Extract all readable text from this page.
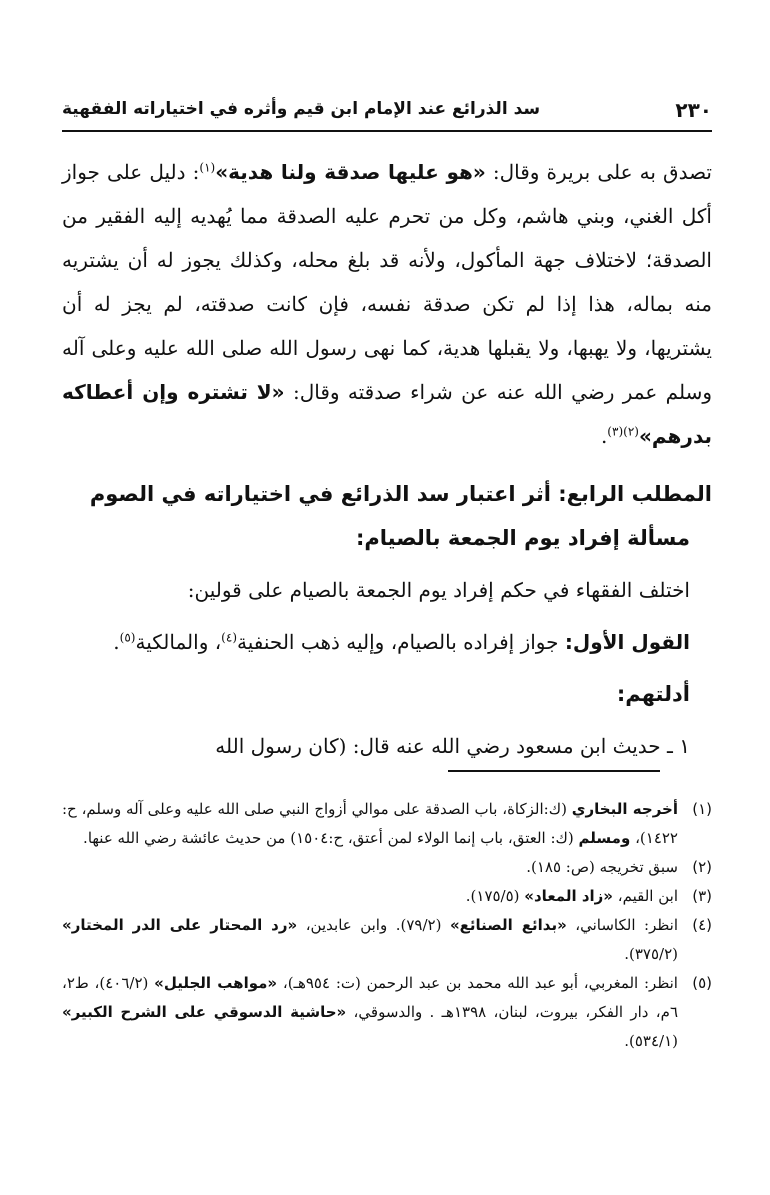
٢٣٠
سد الذرائع عند الإمام ابن قيم وأثره في اختياراته الفقهية

تصدق به على بريرة وقال: «هو عليها صدقة ولنا هدية»$^{(١)}$: دليل على جواز أكل الغني، وبني هاشم، وكل من تحرم عليه الصدقة مما يُهديه إليه الفقير من الصدقة؛ لاختلاف جهة المأكول، ولأنه قد بلغ محله، وكذلك يجوز له أن يشتريه منه بماله، هذا إذا لم تكن صدقة نفسه، فإن كانت صدقته، لم يجز له أن يشتريها، ولا يهبها، ولا يقبلها هدية، كما نهى رسول الله صلى الله عليه وعلى آله وسلم عمر رضي الله عنه عن شراء صدقته وقال: «لا تشتره وإن أعطاكه بدرهم»$^{(٢)(٣)}$.

المطلب الرابع: أثر اعتبار سد الذرائع في اختياراته في الصوم

مسألة إفراد يوم الجمعة بالصيام:

اختلف الفقهاء في حكم إفراد يوم الجمعة بالصيام على قولين:

القول الأول: جواز إفراده بالصيام، وإليه ذهب الحنفية$^{(٤)}$، والمالكية$^{(٥)}$.

أدلتهم:

١ ـ حديث ابن مسعود رضي الله عنه قال: (كان رسول الله

(١)
أخرجه البخاري (ك:الزكاة، باب الصدقة على موالي أزواج النبي صلى الله عليه وعلى آله وسلم، ح: ١٤٢٢)، ومسلم (ك: العتق، باب إنما الولاء لمن أعتق، ح:١٥٠٤) من حديث عائشة رضي الله عنها.
(٢)
سبق تخريجه (ص: ١٨٥).
(٣)
ابن القيم، «زاد المعاد» (١٧٥/٥).
(٤)
انظر: الكاساني، «بدائع الصنائع» (٧٩/٢). وابن عابدين، «رد المحتار على الدر المختار» (٣٧٥/٢).
(٥)
انظر: المغربي، أبو عبد الله محمد بن عبد الرحمن (ت: ٩٥٤هـ)، «مواهب الجليل» (٤٠٦/٢)، ط٢، ٦م، دار الفكر، بيروت، لبنان، ١٣٩٨هـ . والدسوقي، «حاشية الدسوقي على الشرح الكبير» (٥٣٤/١).
